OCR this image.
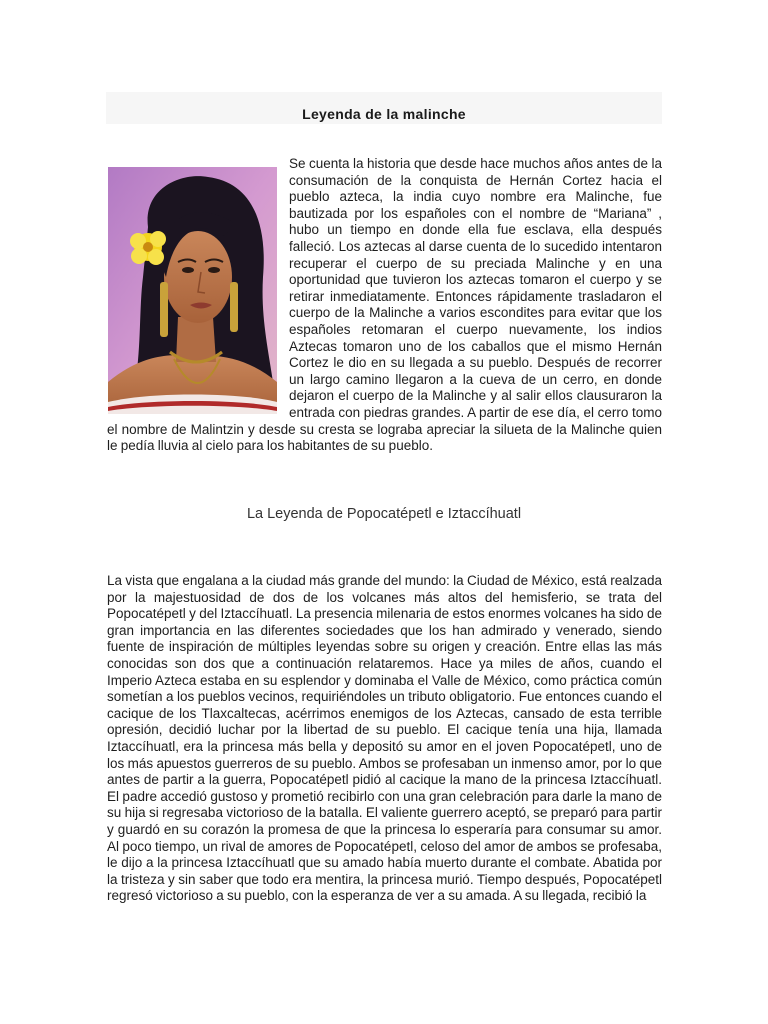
Leyenda de la malinche

Se cuenta la historia que desde hace muchos años antes de la consumación de la conquista de Hernán Cortez hacia el pueblo azteca, la india cuyo nombre era Malinche, fue bautizada por los españoles con el nombre de “Mariana” , hubo un tiempo en donde ella fue esclava, ella después falleció. Los aztecas al darse cuenta de lo sucedido intentaron recuperar el cuerpo de su preciada Malinche y en una oportunidad que tuvieron los aztecas tomaron el cuerpo y se retirar inmediatamente. Entonces rápidamente trasladaron el cuerpo de la Malinche a varios escondites para evitar que los españoles retomaran el cuerpo nuevamente, los indios Aztecas tomaron uno de los caballos que el mismo Hernán Cortez le dio en su llegada a su pueblo. Después de recorrer un largo camino llegaron a la cueva de un cerro, en donde dejaron el cuerpo de la Malinche y al salir ellos clausuraron la entrada con piedras grandes. A partir de ese día, el cerro tomo el nombre de Malintzin y desde su cresta se lograba apreciar la silueta de la Malinche quien le pedía lluvia al cielo para los habitantes de su pueblo.

La Leyenda de Popocatépetl e Iztaccíhuatl

La vista que engalana a la ciudad más grande del mundo: la Ciudad de México, está realzada por la majestuosidad de dos de los volcanes más altos del hemisferio, se trata del Popocatépetl y del Iztaccíhuatl. La presencia milenaria de estos enormes volcanes ha sido de gran importancia en las diferentes sociedades que los han admirado y venerado, siendo fuente de inspiración de múltiples leyendas sobre su origen y creación. Entre ellas las más conocidas son dos que a continuación relataremos. Hace ya miles de años, cuando el Imperio Azteca estaba en su esplendor y dominaba el Valle de México, como práctica común sometían a los pueblos vecinos, requiriéndoles un tributo obligatorio. Fue entonces cuando el cacique de los Tlaxcaltecas, acérrimos enemigos de los Aztecas, cansado de esta terrible opresión, decidió luchar por la libertad de su pueblo. El cacique tenía una hija, llamada Iztaccíhuatl, era la princesa más bella y depositó su amor en el joven Popocatépetl, uno de los más apuestos guerreros de su pueblo. Ambos se profesaban un inmenso amor, por lo que antes de partir a la guerra, Popocatépetl pidió al cacique la mano de la princesa Iztaccíhuatl. El padre accedió gustoso y prometió recibirlo con una gran celebración para darle la mano de su hija si regresaba victorioso de la batalla. El valiente guerrero aceptó, se preparó para partir y guardó en su corazón la promesa de que la princesa lo esperaría para consumar su amor. Al poco tiempo, un rival de amores de Popocatépetl, celoso del amor de ambos se profesaba, le dijo a la princesa Iztaccíhuatl que su amado había muerto durante el combate. Abatida por la tristeza y sin saber que todo era mentira, la princesa murió. Tiempo después, Popocatépetl regresó victorioso a su pueblo, con la esperanza de ver a su amada. A su llegada, recibió la
